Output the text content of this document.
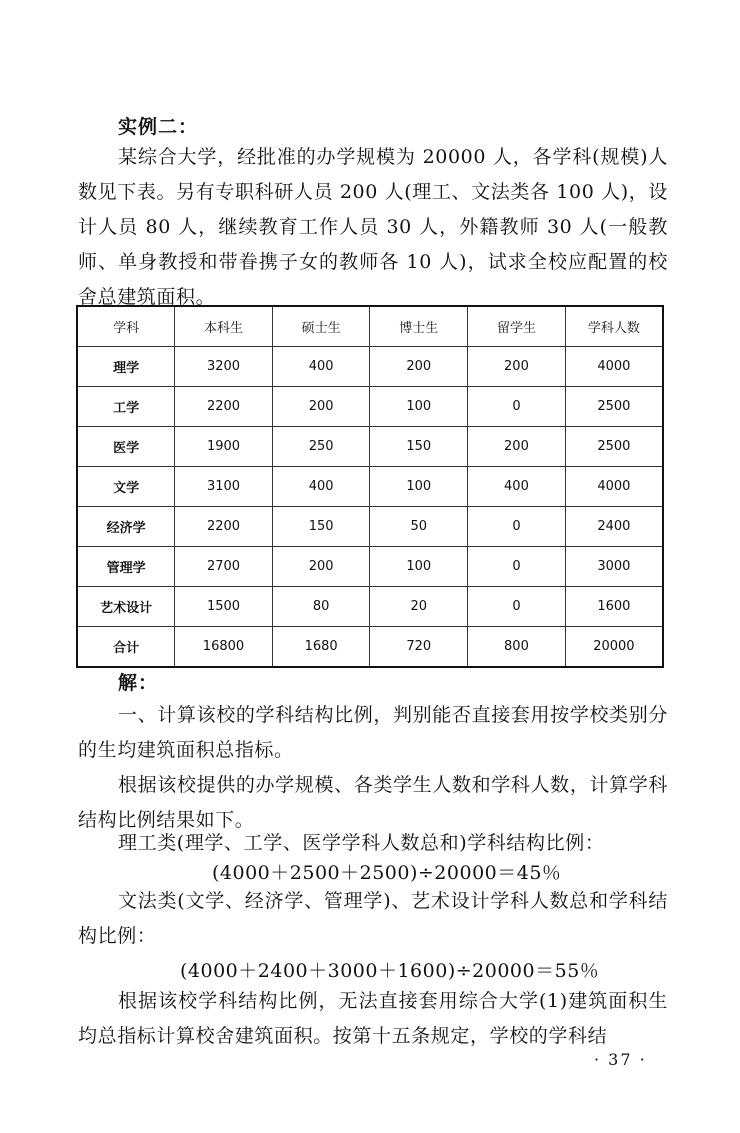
实例二：

某综合大学，经批准的办学规模为 20000 人，各学科(规模)人数见下表。另有专职科研人员 200 人(理工、文法类各 100 人)，设计人员 80 人，继续教育工作人员 30 人，外籍教师 30 人(一般教师、单身教授和带眷携子女的教师各 10 人)，试求全校应配置的校舍总建筑面积。

学科	本科生	硕士生	博士生	留学生	学科人数
理学	3200	400	200	200	4000
工学	2200	200	100	0	2500
医学	1900	250	150	200	2500
文学	3100	400	100	400	4000
经济学	2200	150	50	0	2400
管理学	2700	200	100	0	3000
艺术设计	1500	80	20	0	1600
合计	16800	1680	720	800	20000
解：

一、计算该校的学科结构比例，判别能否直接套用按学校类别分的生均建筑面积总指标。

根据该校提供的办学规模、各类学生人数和学科人数，计算学科结构比例结果如下。

理工类(理学、工学、医学学科人数总和)学科结构比例：

(4000＋2500＋2500)÷20000＝45％

文法类(文学、经济学、管理学)、艺术设计学科人数总和学科结构比例：

(4000＋2400＋3000＋1600)÷20000＝55％

根据该校学科结构比例，无法直接套用综合大学(1)建筑面积生均总指标计算校舍建筑面积。按第十五条规定，学校的学科结

· 37 ·
